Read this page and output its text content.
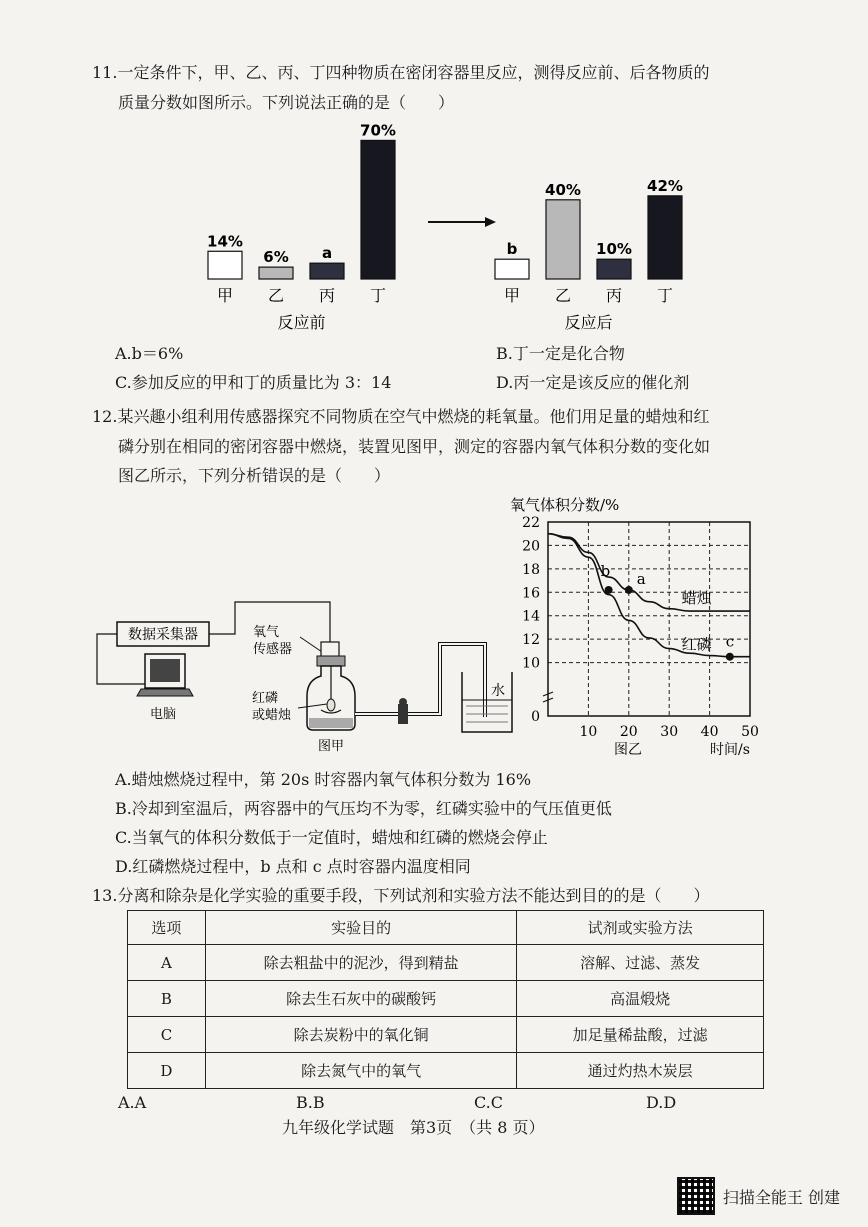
11.一定条件下，甲、乙、丙、丁四种物质在密闭容器里反应，测得反应前、后各物质的
质量分数如图所示。下列说法正确的是（　　）
14%
甲
6%
乙
a
丙
70%
丁
反应前
b
甲
40%
乙
10%
丙
42%
丁
反应后
A.b＝6%	B.丁一定是化合物
C.参加反应的甲和丁的质量比为 3：14	D.丙一定是该反应的催化剂
12.某兴趣小组利用传感器探究不同物质在空气中燃烧的耗氧量。他们用足量的蜡烛和红
磷分别在相同的密闭容器中燃烧，装置见图甲，测定的容器内氧气体积分数的变化如
图乙所示，下列分析错误的是（　　）
数据采集器
电脑
氧气
传感器
红磷
或蜡烛
图甲
水
氧气体积分数/%
蜡烛
红磷
10
12
14
16
18
20
22
10 20 30 40 50
0
b a
c
图乙	时间/s
A.蜡烛燃烧过程中，第 20s 时容器内氧气体积分数为 16%
B.冷却到室温后，两容器中的气压均不为零，红磷实验中的气压值更低
C.当氧气的体积分数低于一定值时，蜡烛和红磷的燃烧会停止
D.红磷燃烧过程中，b 点和 c 点时容器内温度相同
13.分离和除杂是化学实验的重要手段，下列试剂和实验方法不能达到目的的是（　　）
选项	实验目的	试剂或实验方法
A	除去粗盐中的泥沙，得到精盐	溶解、过滤、蒸发
B	除去生石灰中的碳酸钙	高温煅烧
C	除去炭粉中的氧化铜	加足量稀盐酸，过滤
D	除去氮气中的氧气	通过灼热木炭层
A.A	B.B	C.C	D.D
九年级化学试题　第3页　（共 8 页）
扫描全能王 创建
